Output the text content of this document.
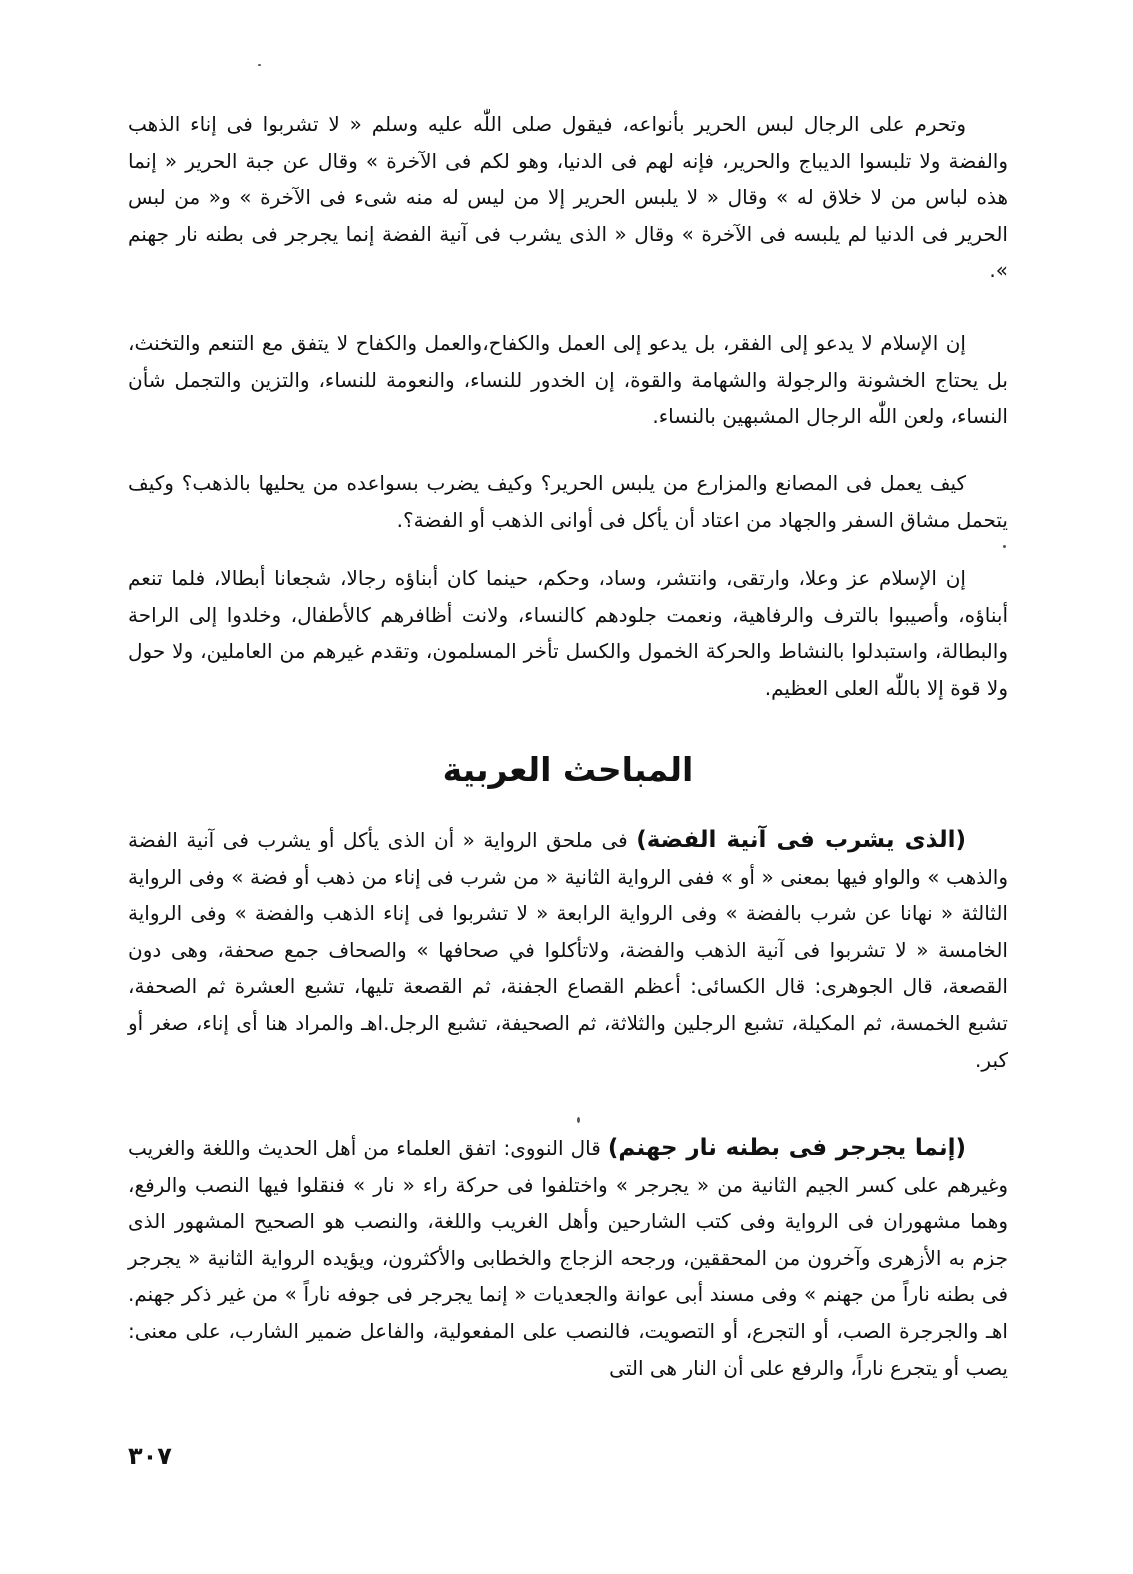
وتحرم على الرجال لبس الحرير بأنواعه، فيقول صلى اللّٰه عليه وسلم « لا تشربوا فى إناء الذهب والفضة ولا تلبسوا الديباج والحرير، فإنه لهم فى الدنيا، وهو لكم فى الآخرة » وقال عن جبة الحرير « إنما هذه لباس من لا خلاق له » وقال « لا يلبس الحرير إلا من ليس له منه شىء فى الآخرة » و« من لبس الحرير فى الدنيا لم يلبسه فى الآخرة » وقال « الذى يشرب فى آنية الفضة إنما يجرجر فى بطنه نار جهنم ».

إن الإسلام لا يدعو إلى الفقر، بل يدعو إلى العمل والكفاح،والعمل والكفاح لا يتفق مع التنعم والتخنث، بل يحتاج الخشونة والرجولة والشهامة والقوة، إن الخدور للنساء، والنعومة للنساء، والتزين والتجمل شأن النساء، ولعن اللّٰه الرجال المشبهين بالنساء.

كيف يعمل فى المصانع والمزارع من يلبس الحرير؟ وكيف يضرب بسواعده من يحليها بالذهب؟ وكيف يتحمل مشاق السفر والجهاد من اعتاد أن يأكل فى أوانى الذهب أو الفضة؟.

إن الإسلام عز وعلا، وارتقى، وانتشر، وساد، وحكم، حينما كان أبناؤه رجالا، شجعانا أبطالا، فلما تنعم أبناؤه، وأصيبوا بالترف والرفاهية، ونعمت جلودهم كالنساء، ولانت أظافرهم كالأطفال، وخلدوا إلى الراحة والبطالة، واستبدلوا بالنشاط والحركة الخمول والكسل تأخر المسلمون، وتقدم غيرهم من العاملين، ولا حول ولا قوة إلا باللّٰه العلى العظيم.

المباحث العربية

(الذى يشرب فى آنية الفضة) فى ملحق الرواية « أن الذى يأكل أو يشرب فى آنية الفضة والذهب » والواو فيها بمعنى « أو » ففى الرواية الثانية « من شرب فى إناء من ذهب أو فضة » وفى الرواية الثالثة « نهانا عن شرب بالفضة » وفى الرواية الرابعة « لا تشربوا فى إناء الذهب والفضة » وفى الرواية الخامسة « لا تشربوا فى آنية الذهب والفضة، ولاتأكلوا في صحافها » والصحاف جمع صحفة، وهى دون القصعة، قال الجوهرى: قال الكسائى: أعظم القصاع الجفنة، ثم القصعة تليها، تشبع العشرة ثم الصحفة، تشبع الخمسة، ثم المكيلة، تشبع الرجلين والثلاثة، ثم الصحيفة، تشبع الرجل.اهـ والمراد هنا أى إناء، صغر أو كبر.

(إنما يجرجر فى بطنه نار جهنم) قال النووى: اتفق العلماء من أهل الحديث واللغة والغريب وغيرهم على كسر الجيم الثانية من « يجرجر » واختلفوا فى حركة راء « نار » فنقلوا فيها النصب والرفع، وهما مشهوران فى الرواية وفى كتب الشارحين وأهل الغريب واللغة، والنصب هو الصحيح المشهور الذى جزم به الأزهرى وآخرون من المحققين، ورجحه الزجاج والخطابى والأكثرون، ويؤيده الرواية الثانية « يجرجر فى بطنه ناراً من جهنم » وفى مسند أبى عوانة والجعديات « إنما يجرجر فى جوفه ناراً » من غير ذكر جهنم. اهـ والجرجرة الصب، أو التجرع، أو التصويت، فالنصب على المفعولية، والفاعل ضمير الشارب، على معنى: يصب أو يتجرع ناراً، والرفع على أن النار هى التى

٣٠٧
